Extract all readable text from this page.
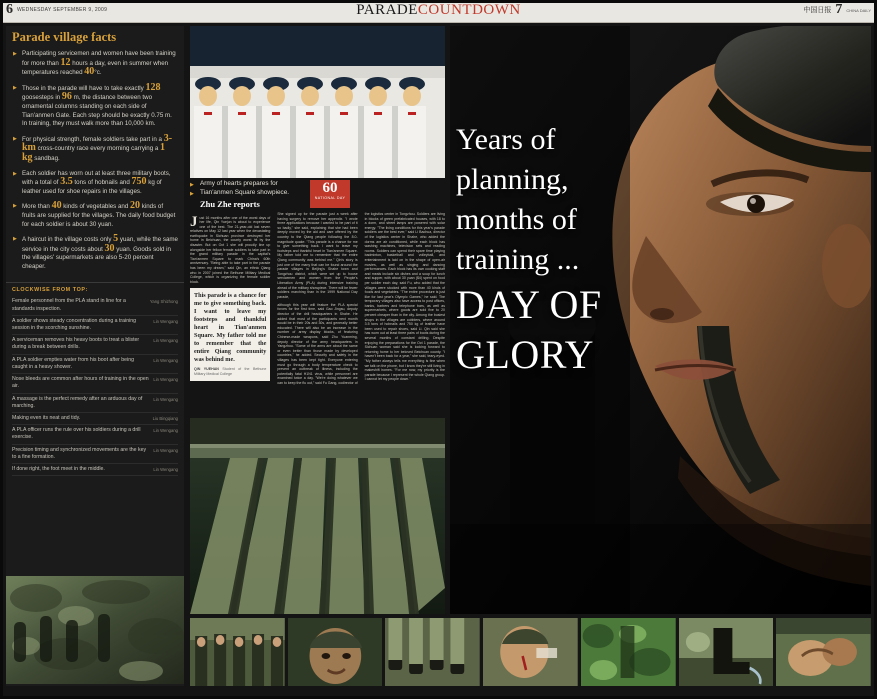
6 WEDNESDAY SEPTEMBER 9, 2009	PARADECOUNTDOWN	中国日报 7 CHINA DAILY
Parade village facts
▶ Participating servicemen and women have been training for more than 12 hours a day, even in summer when temperatures reached 40°c.
▶ Those in the parade will have to take exactly 128 goosesteps in 96 m, the distance between two ornamental columns standing on each side of Tian'anmen Gate. Each step should be exactly 0.75 m. In training, they must walk more than 10,000 km.
▶ For physical strength, female soldiers take part in a 3-km cross-country race every morning carrying a 1 kg sandbag.
▶ Each soldier has worn out at least three military boots, with a total of 3.5 tons of hobnails and 750 kg of leather used for shoe repairs in the villages.
▶ More than 40 kinds of vegetables and 20 kinds of fruits are supplied for the villages. The daily food budget for each soldier is about 30 yuan.
▶ A haircut in the village costs only 5 yuan, while the same service in the city costs about 30 yuan. Goods sold in the villages' supermarkets are also 5-20 percent cheaper.
CLOCKWISE FROM TOP:
Yang Shizhong
Female personnel from the PLA stand in line for a standards inspection.
Lin Wengang
A soldier shows steady concentration during a training session in the scorching sunshine.
Lin Wengang
A serviceman removes his heavy boots to treat a blister during a break between drills.
Lin Wengang
A PLA soldier empties water from his boot after being caught in a heavy shower.
Lin Wengang
Nose bleeds are common after hours of training in the open air.
Lin Wengang
A massage is the perfect remedy after an arduous day of marching.
Liu Bingqiang
Making even its neat and tidy.
Lin Wengang
A PLA officer runs the rule over his soldiers during a drill exercise.
Lin Wengang
Precision timing and synchronized movements are the key to a fine formation.
Lin Wengang
If done right, the foot meet in the middle.
▶ Army of hearts prepares for
▶ Tian'anmen Square showpiece.
Zhu Zhe reports
60
NATIONAL DAY

Just 16 months after one of the worst days of her life, Qin Yuejun is about to experience one of the best. The 21-year-old lost seven relatives on May 12 last year when the devastating earthquake in Sichuan province destroyed her home in Beichuan, the county worst hit by the disaster. But on Oct 1 she will proudly line up alongside her fellow female soldiers to take part in the grand military parade in the capital's Tian'anmen Square to mark China's 60th anniversary. "Being able to take part in the parade has been my dream," said Qin, an ethnic Qiang who in 2007 joined the Bethune Military Medical College, which is organizing the female soldier block.

This parade is a chance for me to give something back. I want to leave my footsteps and thankful heart in Tian'anmen Square. My father told me to remember that the entire Qiang community was behind me.
QIN YUEHAN Student of the Bethune Military Medical College

She signed up for the parade just a week after having surgery to remove her appendix. "I wrote three applications because I wanted to be part of it so badly," she said, explaining that she had been deeply moved by the aid and care offered by the country to the Qiang people following the 8.0-magnitude quake. "This parade is a chance for me to give something back. I want to leave my footsteps and thankful heart in Tian'anmen Square. My father told me to remember that the entire Qiang community was behind me." Qin's story is just one of the many that can be found around the parade villages in Beijing's Shahe town and Tongzhou district, which were set up to house servicemen and women from the People's Liberation Army (PLA) during intensive training ahead of the military showpiece. There will be fewer soldiers marching than in the 1999 National Day parade,

although this year will feature the PLA special forces for the first time, said Gao Jingsu, deputy director of the drill headquarters in Shahe. He added that most of the participants next month would be in their 20s and 30s, and generally better educated. There will also be an increase in the number of army display blocks, of featuring Chinese-made weapons, said Zhu Yuanming, deputy director of the army headquarters in Yangzhou. "Some of the arms are about the same or even better than those made by developed countries," he added. Security and safety in the villages has been kept tight. Everyone entering must go through a body temperature check to prevent an outbreak of illness, including the potentially fatal H1N1 virus, while personnel are examined twice a day. "We're doing whatever we can to keep the flu out," said Fu Gang, codirector of the logistics center in Tongzhou. Soldiers are living in blocks of green prefabricated houses, with 18 to a dorm, and street lamps are powered with solar energy. "The living conditions for this year's parade soldiers are the best ever," said Li Baohua, director of the logistics center in Shahe, who added the dorms are air conditioned, while each block has washing machines, television sets and reading rooms. Soldiers can spend their spare time playing badminton, basketball and volleyball, and entertainment is laid on in the shape of open-air movies, as well as singing and dancing performances. Each block has its own cooking staff and meals include six dishes and a soup for lunch and supper, with about 30 yuan ($4) spent on food per soldier each day, said Fu, who added that the villages were stocked with more than 40 kinds of foods and vegetables. "The entire procedure is just like for last year's Olympic Games," he said. The temporary villages also have access to post offices, banks, barbers and telephone bars, as well as supermarkets, where goods are sold five to 20 percent cheaper than in the city. Among the busiest shops in the villages are cobblers, where around 3.5 tons of hobnails and 750 kg of leather have been used to repair shoes, said Li. Qin said she has worn out at least three pairs of boots during the several months of constant drilling. Despite enjoying the preparations for the Oct 1 parade, the Sichuan woman said she is looking forward to returning home to her beloved Beichuan county. "I haven't been back for a year," she said, teary-eyed. "My father always tells me everything is fine when we talk on the phone, but I know they're still living in makeshift homes. "For me now, my priority is the parade because I represent the whole Qiang group. I cannot let my people down."

Years of
planning,
months of
training ...
DAY OF
GLORY
